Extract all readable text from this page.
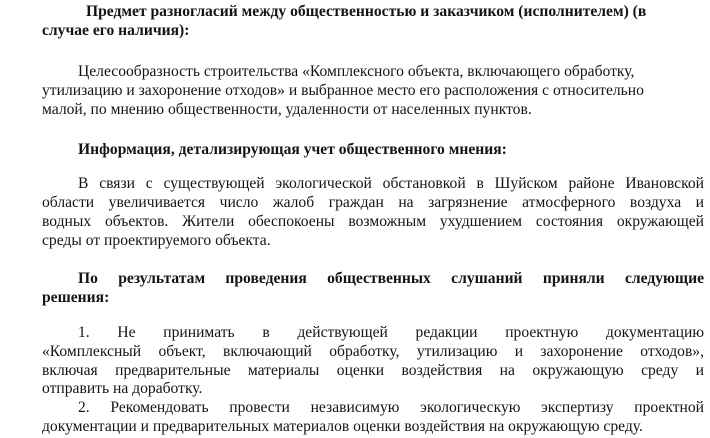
Предмет разногласий между общественностью и заказчиком (исполнителем) (в
случае его наличия):
Целесообразность строительства «Комплексного объекта, включающего обработку,
утилизацию и захоронение отходов» и выбранное место его расположения с относительно
малой, по мнению общественности, удаленности от населенных пунктов.
Информация, детализирующая учет общественного мнения:
В связи с существующей экологической обстановкой в Шуйском районе Ивановской
области увеличивается число жалоб граждан на загрязнение атмосферного воздуха и
водных объектов. Жители обеспокоены возможным ухудшением состояния окружающей
среды от проектируемого объекта.
По результатам проведения общественных слушаний приняли следующие
решения:
1. Не принимать в действующей редакции проектную документацию
«Комплексный объект, включающий обработку, утилизацию и захоронение отходов»,
включая предварительные материалы оценки воздействия на окружающую среду и
отправить на доработку.
2. Рекомендовать провести независимую экологическую экспертизу проектной
документации и предварительных материалов оценки воздействия на окружающую среду.
